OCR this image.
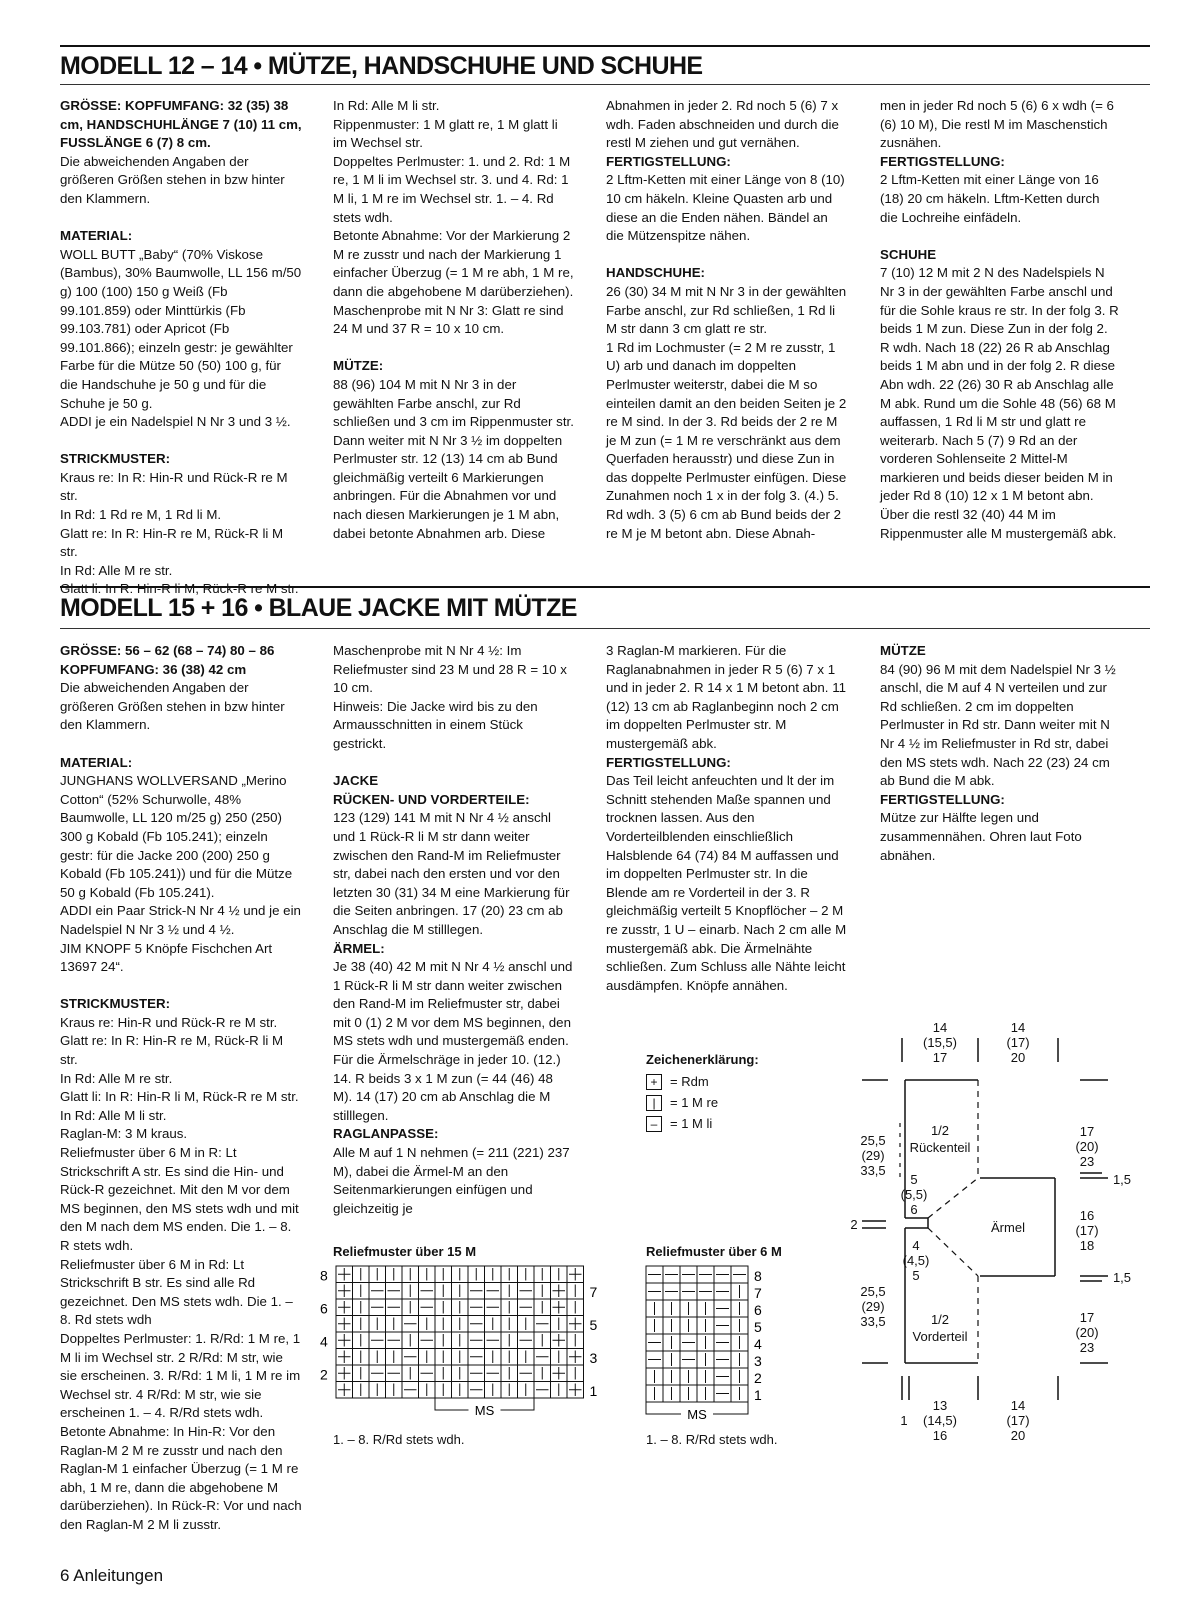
MODELL 12 – 14 • MÜTZE, HANDSCHUHE UND SCHUHE

GRÖSSE: KOPFUMFANG: 32 (35) 38 cm, HANDSCHUHLÄNGE 7 (10) 11 cm, FUSSLÄNGE 6 (7) 8 cm.

Die abweichenden Angaben der größeren Größen stehen in bzw hinter den Klammern.

MATERIAL:

WOLL BUTT „Baby“ (70% Viskose (Bambus), 30% Baumwolle, LL 156 m/50 g) 100 (100) 150 g Weiß (Fb 99.101.859) oder Minttürkis (Fb 99.103.781) oder Apricot (Fb 99.101.866); einzeln gestr: je gewählter Farbe für die Mütze 50 (50) 100 g, für die Handschuhe je 50 g und für die Schuhe je 50 g.

ADDI je ein Nadelspiel N Nr 3 und 3 ½.

STRICKMUSTER:

Kraus re: In R: Hin-R und Rück-R re M str.

In Rd: 1 Rd re M, 1 Rd li M.

Glatt re: In R: Hin-R re M, Rück-R li M str.

In Rd: Alle M re str.

Glatt li: In R: Hin-R li M, Rück-R re M str.

In Rd: Alle M li str.

Rippenmuster: 1 M glatt re, 1 M glatt li im Wechsel str.

Doppeltes Perlmuster: 1. und 2. Rd: 1 M re, 1 M li im Wechsel str. 3. und 4. Rd: 1 M li, 1 M re im Wechsel str. 1. – 4. Rd stets wdh.

Betonte Abnahme: Vor der Markierung 2 M re zusstr und nach der Markierung 1 einfacher Überzug (= 1 M re abh, 1 M re, dann die abgehobene M darüberziehen).

Maschenprobe mit N Nr 3: Glatt re sind 24 M und 37 R = 10 x 10 cm.

MÜTZE:

88 (96) 104 M mit N Nr 3 in der gewählten Farbe anschl, zur Rd schließen und 3 cm im Rippenmuster str. Dann weiter mit N Nr 3 ½ im doppelten Perlmuster str. 12 (13) 14 cm ab Bund gleichmäßig verteilt 6 Markierungen anbringen. Für die Abnahmen vor und nach diesen Markierungen je 1 M abn, dabei betonte Abnahmen arb. Diese

Abnahmen in jeder 2. Rd noch 5 (6) 7 x wdh. Faden abschneiden und durch die restl M ziehen und gut vernähen.

FERTIGSTELLUNG:

2 Lftm-Ketten mit einer Länge von 8 (10) 10 cm häkeln. Kleine Quasten arb und diese an die Enden nähen. Bändel an die Mützenspitze nähen.

HANDSCHUHE:

26 (30) 34 M mit N Nr 3 in der gewählten Farbe anschl, zur Rd schließen, 1 Rd li M str dann 3 cm glatt re str.

1 Rd im Lochmuster (= 2 M re zusstr, 1 U) arb und danach im doppelten Perlmuster weiterstr, dabei die M so einteilen damit an den beiden Seiten je 2 re M sind. In der 3. Rd beids der 2 re M je M zun (= 1 M re verschränkt aus dem Querfaden herausstr) und diese Zun in das doppelte Perlmuster einfügen. Diese Zunahmen noch 1 x in der folg 3. (4.) 5. Rd wdh. 3 (5) 6 cm ab Bund beids der 2 re M je M betont abn. Diese Abnah-

men in jeder Rd noch 5 (6) 6 x wdh (= 6 (6) 10 M), Die restl M im Maschenstich zusnähen.

FERTIGSTELLUNG:

2 Lftm-Ketten mit einer Länge von 16 (18) 20 cm häkeln. Lftm-Ketten durch die Lochreihe einfädeln.

SCHUHE

7 (10) 12 M mit 2 N des Nadelspiels N Nr 3 in der gewählten Farbe anschl und für die Sohle kraus re str. In der folg 3. R beids 1 M zun. Diese Zun in der folg 2. R wdh. Nach 18 (22) 26 R ab Anschlag beids 1 M abn und in der folg 2. R diese Abn wdh. 22 (26) 30 R ab Anschlag alle M abk. Rund um die Sohle 48 (56) 68 M auffassen, 1 Rd li M str und glatt re weiterarb. Nach 5 (7) 9 Rd an der vorderen Sohlenseite 2 Mittel-M markieren und beids dieser beiden M in jeder Rd 8 (10) 12 x 1 M betont abn. Über die restl 32 (40) 44 M im Rippenmuster alle M mustergemäß abk.

MODELL 15 + 16 • BLAUE JACKE MIT MÜTZE

GRÖSSE: 56 – 62 (68 – 74) 80 – 86

KOPFUMFANG: 36 (38) 42 cm

Die abweichenden Angaben der größeren Größen stehen in bzw hinter den Klammern.

MATERIAL:

JUNGHANS WOLLVERSAND „Merino Cotton“ (52% Schurwolle, 48% Baumwolle, LL 120 m/25 g) 250 (250) 300 g Kobald (Fb 105.241); einzeln gestr: für die Jacke 200 (200) 250 g Kobald (Fb 105.241)) und für die Mütze 50 g Kobald (Fb 105.241).

ADDI ein Paar Strick-N Nr 4 ½ und je ein Nadelspiel N Nr 3 ½ und 4 ½.

JIM KNOPF 5 Knöpfe Fischchen Art 13697 24“.

STRICKMUSTER:

Kraus re: Hin-R und Rück-R re M str.

Glatt re: In R: Hin-R re M, Rück-R li M str.

In Rd: Alle M re str.

Glatt li: In R: Hin-R li M, Rück-R re M str.

In Rd: Alle M li str.

Raglan-M: 3 M kraus.

Reliefmuster über 6 M in R: Lt Strickschrift A str. Es sind die Hin- und Rück-R gezeichnet. Mit den M vor dem MS beginnen, den MS stets wdh und mit den M nach dem MS enden. Die 1. – 8. R stets wdh.

Reliefmuster über 6 M in Rd: Lt Strickschrift B str. Es sind alle Rd gezeichnet. Den MS stets wdh. Die 1. – 8. Rd stets wdh

Doppeltes Perlmuster: 1. R/Rd: 1 M re, 1 M li im Wechsel str. 2 R/Rd: M str, wie sie erscheinen. 3. R/Rd: 1 M li, 1 M re im Wechsel str. 4 R/Rd: M str, wie sie erscheinen 1. – 4. R/Rd stets wdh.

Betonte Abnahme: In Hin-R: Vor den Raglan-M 2 M re zusstr und nach den Raglan-M 1 einfacher Überzug (= 1 M re abh, 1 M re, dann die abgehobene M darüberziehen). In Rück-R: Vor und nach den Raglan-M 2 M li zusstr.

Maschenprobe mit N Nr 4 ½: Im Reliefmuster sind 23 M und 28 R = 10 x 10 cm.

Hinweis: Die Jacke wird bis zu den Armausschnitten in einem Stück gestrickt.

JACKE

RÜCKEN- UND VORDERTEILE:

123 (129) 141 M mit N Nr 4 ½ anschl und 1 Rück-R li M str dann weiter zwischen den Rand-M im Reliefmuster str, dabei nach den ersten und vor den letzten 30 (31) 34 M eine Markierung für die Seiten anbringen. 17 (20) 23 cm ab Anschlag die M stilllegen.

ÄRMEL:

Je 38 (40) 42 M mit N Nr 4 ½ anschl und 1 Rück-R li M str dann weiter zwischen den Rand-M im Reliefmuster str, dabei mit 0 (1) 2 M vor dem MS beginnen, den MS stets wdh und mustergemäß enden. Für die Ärmelschräge in jeder 10. (12.) 14. R beids 3 x 1 M zun (= 44 (46) 48 M). 14 (17) 20 cm ab Anschlag die M stilllegen.

RAGLANPASSE:

Alle M auf 1 N nehmen (= 211 (221) 237 M), dabei die Ärmel-M an den Seitenmarkierungen einfügen und gleichzeitig je

3 Raglan-M markieren. Für die Raglanabnahmen in jeder R 5 (6) 7 x 1 und in jeder 2. R 14 x 1 M betont abn. 11 (12) 13 cm ab Raglanbeginn noch 2 cm im doppelten Perlmuster str. M mustergemäß abk.

FERTIGSTELLUNG:

Das Teil leicht anfeuchten und lt der im Schnitt stehenden Maße spannen und trocknen lassen. Aus den Vorderteilblenden einschließlich Halsblende 64 (74) 84 M auffassen und im doppelten Perlmuster str. In die Blende am re Vorderteil in der 3. R gleichmäßig verteilt 5 Knopflöcher – 2 M re zusstr, 1 U – einarb. Nach 2 cm alle M mustergemäß abk. Die Ärmelnähte schließen. Zum Schluss alle Nähte leicht ausdämpfen. Knöpfe annähen.

MÜTZE

84 (90) 96 M mit dem Nadelspiel Nr 3 ½ anschl, die M auf 4 N verteilen und zur Rd schließen. 2 cm im doppelten Perlmuster in Rd str. Dann weiter mit N Nr 4 ½ im Reliefmuster in Rd str, dabei den MS stets wdh. Nach 22 (23) 24 cm ab Bund die M abk.

FERTIGSTELLUNG:

Mütze zur Hälfte legen und zusammennähen. Ohren laut Foto abnähen.

Zeichenerklärung:
+ = Rdm
|	= 1 M re
– = 1 M li
Reliefmuster über 15 M
8
7
6
5
4
3
2
1
MS
1. – 8. R/Rd stets wdh.
Reliefmuster über 6 M
8
7
6
5
4
3
2
1
MS
1. – 8. R/Rd stets wdh.
14
(15,5)
17
14
(17)
20
1/2
Rückenteil
1/2
Vorderteil
Ärmel
25,5
(29)
33,5
25,5
(29)
33,5
5
(5,5)
6
4
(4,5)
5
2
17
(20)
23
16
(17)
18
17
(20)
23
1,5
1,5
13
(14,5)
16
14
(17)
20
1
6 Anleitungen
